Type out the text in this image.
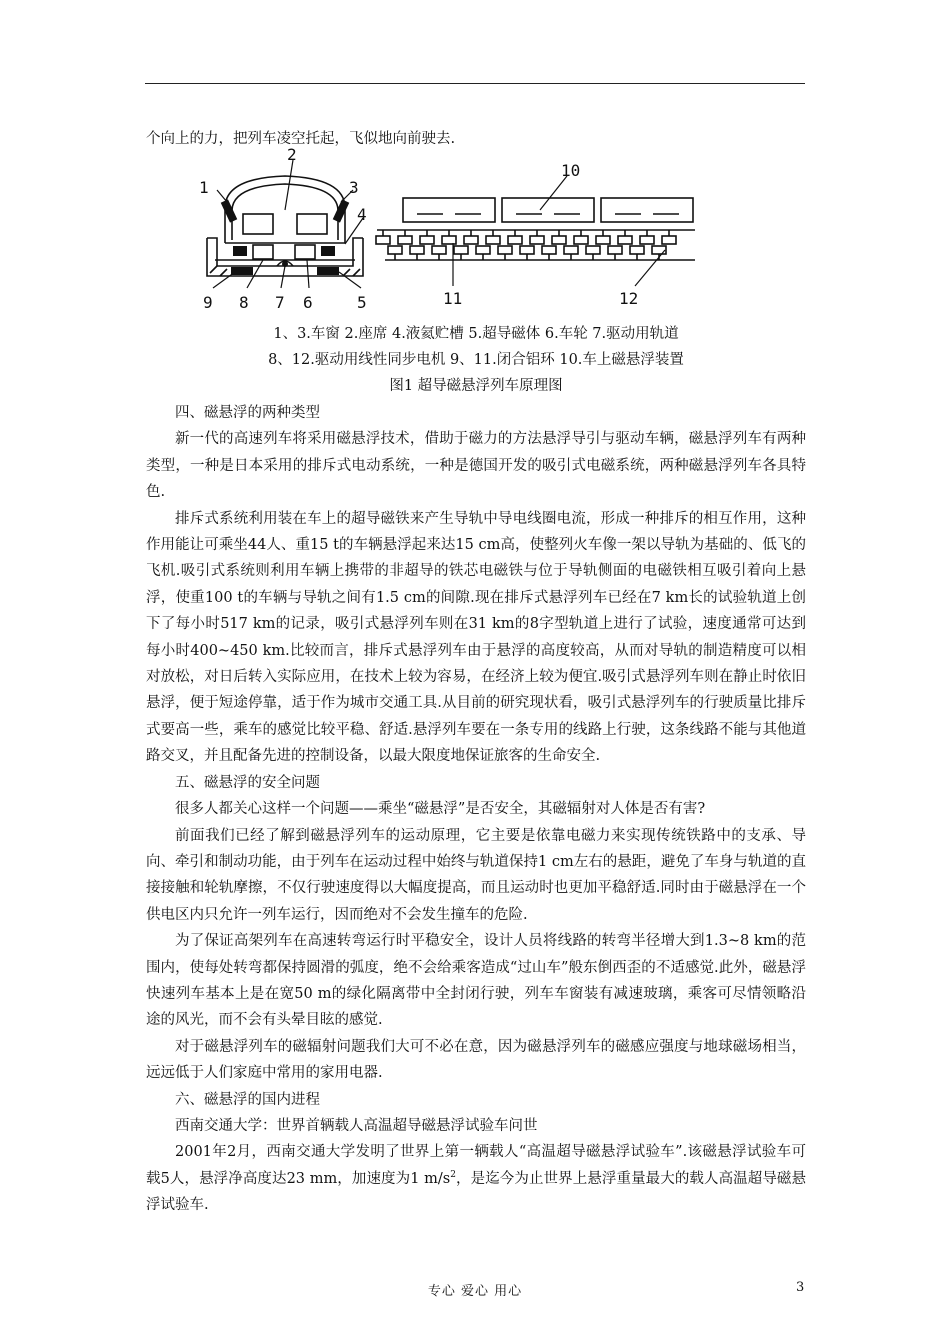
个向上的力，把列车凌空托起，飞似地向前驶去.
1
2
3
4
5
6
7
8
9
10
11	12
1、3.车窗 2.座席 4.液氦贮槽 5.超导磁体 6.车轮 7.驱动用轨道
8、12.驱动用线性同步电机 9、11.闭合铝环 10.车上磁悬浮装置
图1 超导磁悬浮列车原理图

四、磁悬浮的两种类型

新一代的高速列车将采用磁悬浮技术，借助于磁力的方法悬浮导引与驱动车辆，磁悬浮列车有两种类型，一种是日本采用的排斥式电动系统，一种是德国开发的吸引式电磁系统，两种磁悬浮列车各具特色.

排斥式系统利用装在车上的超导磁铁来产生导轨中导电线圈电流，形成一种排斥的相互作用，这种作用能让可乘坐44人、重15 t的车辆悬浮起来达15 cm高，使整列火车像一架以导轨为基础的、低飞的飞机.吸引式系统则利用车辆上携带的非超导的铁芯电磁铁与位于导轨侧面的电磁铁相互吸引着向上悬浮，使重100 t的车辆与导轨之间有1.5 cm的间隙.现在排斥式悬浮列车已经在7 km长的试验轨道上创下了每小时517 km的记录，吸引式悬浮列车则在31 km的8字型轨道上进行了试验，速度通常可达到每小时400~450 km.比较而言，排斥式悬浮列车由于悬浮的高度较高，从而对导轨的制造精度可以相对放松，对日后转入实际应用，在技术上较为容易，在经济上较为便宜.吸引式悬浮列车则在静止时依旧悬浮，便于短途停靠，适于作为城市交通工具.从目前的研究现状看，吸引式悬浮列车的行驶质量比排斥式要高一些，乘车的感觉比较平稳、舒适.悬浮列车要在一条专用的线路上行驶，这条线路不能与其他道路交叉，并且配备先进的控制设备，以最大限度地保证旅客的生命安全.

五、磁悬浮的安全问题

很多人都关心这样一个问题——乘坐“磁悬浮”是否安全，其磁辐射对人体是否有害?

前面我们已经了解到磁悬浮列车的运动原理，它主要是依靠电磁力来实现传统铁路中的支承、导向、牵引和制动功能，由于列车在运动过程中始终与轨道保持1 cm左右的悬距，避免了车身与轨道的直接接触和轮轨摩擦，不仅行驶速度得以大幅度提高，而且运动时也更加平稳舒适.同时由于磁悬浮在一个供电区内只允许一列车运行，因而绝对不会发生撞车的危险.

为了保证高架列车在高速转弯运行时平稳安全，设计人员将线路的转弯半径增大到1.3~8 km的范围内，使每处转弯都保持圆滑的弧度，绝不会给乘客造成“过山车”般东倒西歪的不适感觉.此外，磁悬浮快速列车基本上是在宽50 m的绿化隔离带中全封闭行驶，列车车窗装有减速玻璃，乘客可尽情领略沿途的风光，而不会有头晕目眩的感觉.

对于磁悬浮列车的磁辐射问题我们大可不必在意，因为磁悬浮列车的磁感应强度与地球磁场相当，远远低于人们家庭中常用的家用电器.

六、磁悬浮的国内进程

西南交通大学：世界首辆载人高温超导磁悬浮试验车问世

2001年2月，西南交通大学发明了世界上第一辆载人“高温超导磁悬浮试验车”.该磁悬浮试验车可载5人，悬浮净高度达23 mm，加速度为1 $m/s^2$，是迄今为止世界上悬浮重量最大的载人高温超导磁悬浮试验车.

专心 爱心 用心	3
